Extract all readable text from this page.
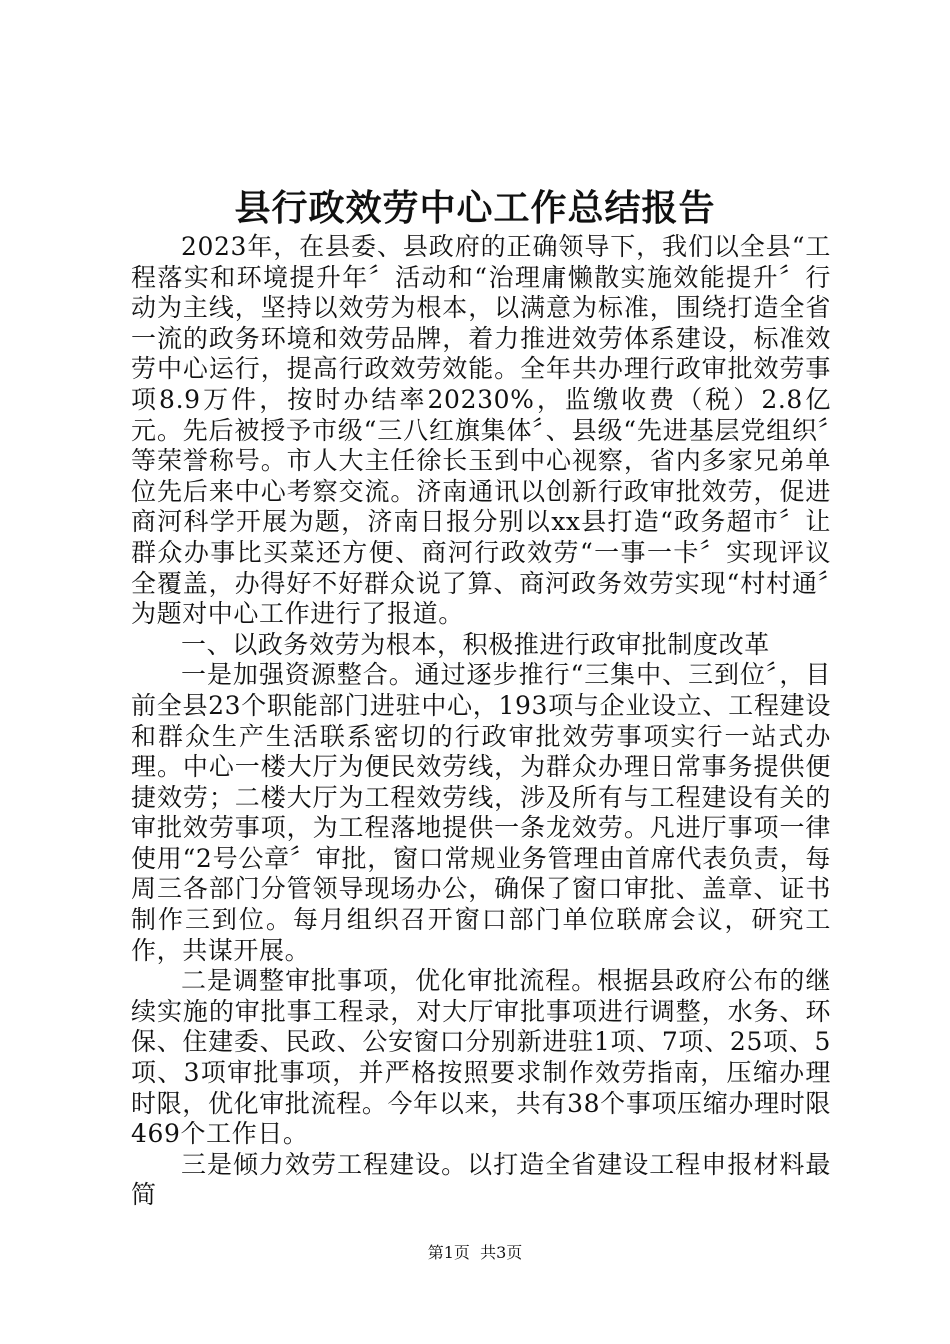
县行政效劳中心工作总结报告

2023年，在县委、县政府的正确领导下，我们以全县“工程落实和环境提升年〞活动和“治理庸懒散实施效能提升〞行动为主线，坚持以效劳为根本，以满意为标准，围绕打造全省一流的政务环境和效劳品牌，着力推进效劳体系建设，标准效劳中心运行，提高行政效劳效能。全年共办理行政审批效劳事项8.9万件，按时办结率20230%，监缴收费（税）2.8亿元。先后被授予市级“三八红旗集体〞、县级“先进基层党组织〞等荣誉称号。市人大主任徐长玉到中心视察，省内多家兄弟单位先后来中心考察交流。济南通讯以创新行政审批效劳，促进商河科学开展为题，济南日报分别以xx县打造“政务超市〞让群众办事比买菜还方便、商河行政效劳“一事一卡〞实现评议全覆盖，办得好不好群众说了算、商河政务效劳实现“村村通〞为题对中心工作进行了报道。

一、以政务效劳为根本，积极推进行政审批制度改革

一是加强资源整合。通过逐步推行“三集中、三到位〞，目前全县23个职能部门进驻中心，193项与企业设立、工程建设和群众生产生活联系密切的行政审批效劳事项实行一站式办理。中心一楼大厅为便民效劳线，为群众办理日常事务提供便捷效劳；二楼大厅为工程效劳线，涉及所有与工程建设有关的审批效劳事项，为工程落地提供一条龙效劳。凡进厅事项一律使用“2号公章〞审批，窗口常规业务管理由首席代表负责，每周三各部门分管领导现场办公，确保了窗口审批、盖章、证书制作三到位。每月组织召开窗口部门单位联席会议，研究工作，共谋开展。

二是调整审批事项，优化审批流程。根据县政府公布的继续实施的审批事工程录，对大厅审批事项进行调整，水务、环保、住建委、民政、公安窗口分别新进驻1项、7项、25项、5项、3项审批事项，并严格按照要求制作效劳指南，压缩办理时限，优化审批流程。今年以来，共有38个事项压缩办理时限469个工作日。

三是倾力效劳工程建设。以打造全省建设工程申报材料最简

第1页 共3页
